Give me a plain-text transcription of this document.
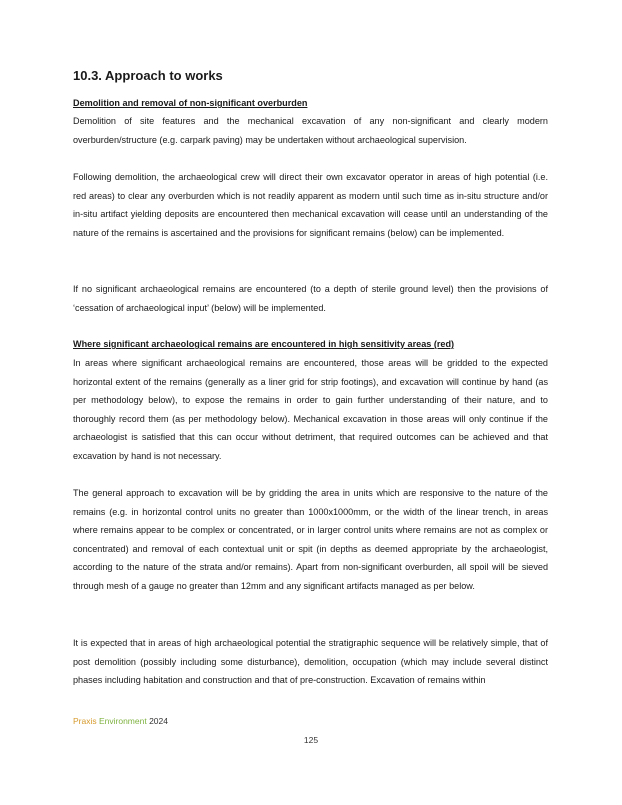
10.3. Approach to works

Demolition and removal of non-significant overburden

Demolition of site features and the mechanical excavation of any non-significant and clearly modern overburden/structure (e.g. carpark paving) may be undertaken without archaeological supervision.

Following demolition, the archaeological crew will direct their own excavator operator in areas of high potential (i.e. red areas) to clear any overburden which is not readily apparent as modern until such time as in-situ structure and/or in-situ artifact yielding deposits are encountered then mechanical excavation will cease until an understanding of the nature of the remains is ascertained and the provisions for significant remains (below) can be implemented.

If no significant archaeological remains are encountered (to a depth of sterile ground level) then the provisions of ‘cessation of archaeological input’ (below) will be implemented.

Where significant archaeological remains are encountered in high sensitivity areas (red)

In areas where significant archaeological remains are encountered, those areas will be gridded to the expected horizontal extent of the remains (generally as a liner grid for strip footings), and excavation will continue by hand (as per methodology below), to expose the remains in order to gain further understanding of their nature, and to thoroughly record them (as per methodology below). Mechanical excavation in those areas will only continue if the archaeologist is satisfied that this can occur without detriment, that required outcomes can be achieved and that excavation by hand is not necessary.

The general approach to excavation will be by gridding the area in units which are responsive to the nature of the remains (e.g. in horizontal control units no greater than 1000x1000mm, or the width of the linear trench, in areas where remains appear to be complex or concentrated, or in larger control units where remains are not as complex or concentrated) and removal of each contextual unit or spit (in depths as deemed appropriate by the archaeologist, according to the nature of the strata and/or remains). Apart from non-significant overburden, all spoil will be sieved through mesh of a gauge no greater than 12mm and any significant artifacts managed as per below.

It is expected that in areas of high archaeological potential the stratigraphic sequence will be relatively simple, that of post demolition (possibly including some disturbance), demolition, occupation (which may include several distinct phases including habitation and construction and that of pre-construction. Excavation of remains within

Praxis Environment 2024
125
